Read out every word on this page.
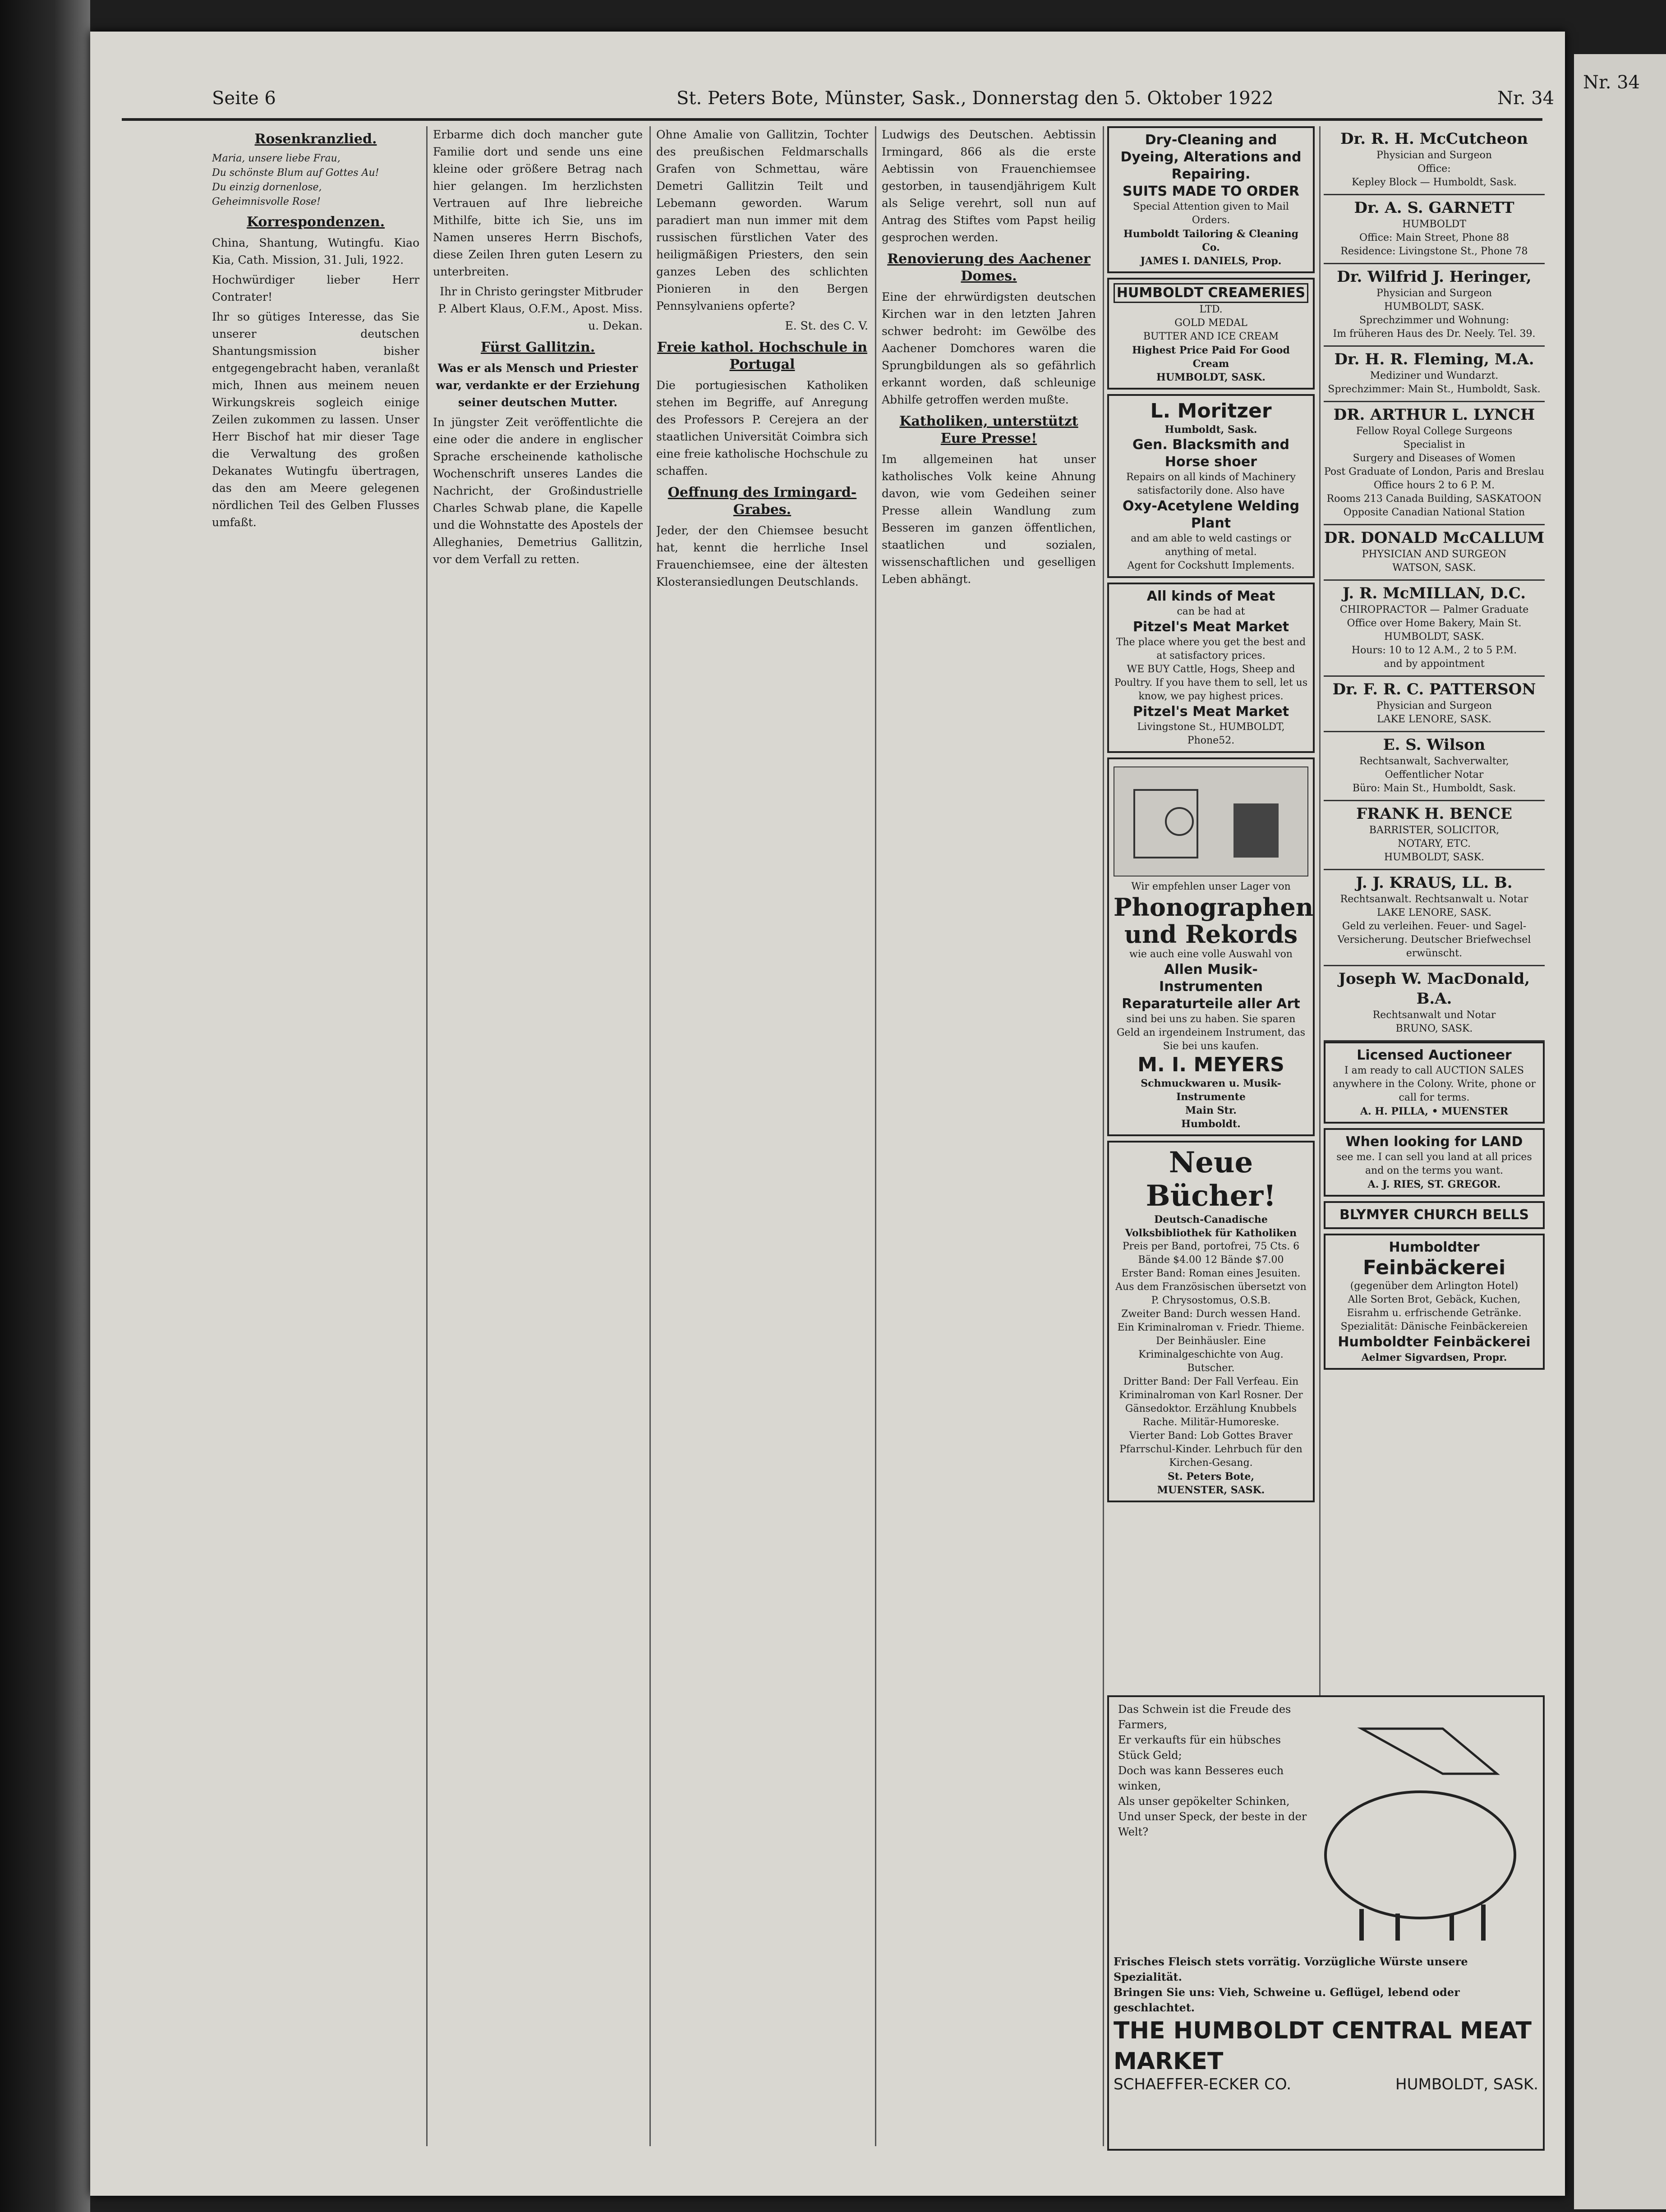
Nr. 34
Seite 6	St. Peters Bote, Münster, Sask., Donnerstag den 5. Oktober 1922	Nr. 34
Rosenkranzlied.
Maria, unsere liebe Frau,
Du schönste Blum auf Gottes Au!
Du einzig dornenlose,
Geheimnisvolle Rose!
Korrespondenzen.

China, Shantung, Wutingfu. Kiao Kia, Cath. Mission, 31. Juli, 1922.

Hochwürdiger lieber Herr Contrater!

Ihr so gütiges Interesse, das Sie unserer deutschen Shantungsmission bisher entgegengebracht haben, veranlaßt mich, Ihnen aus meinem neuen Wirkungskreis sogleich einige Zeilen zukommen zu lassen. Unser Herr Bischof hat mir dieser Tage die Verwaltung des großen Dekanates Wutingfu übertragen, das den am Meere gelegenen nördlichen Teil des Gelben Flusses umfaßt.

Erbarme dich doch mancher gute Familie dort und sende uns eine kleine oder größere Betrag nach hier gelangen. Im herzlichsten Vertrauen auf Ihre liebreiche Mithilfe, bitte ich Sie, uns im Namen unseres Herrn Bischofs, diese Zeilen Ihren guten Lesern zu unterbreiten.

Ihr in Christo geringster Mitbruder P. Albert Klaus, O.F.M., Apost. Miss. u. Dekan.

Fürst Gallitzin.

Was er als Mensch und Priester war, verdankte er der Erziehung seiner deutschen Mutter.

In jüngster Zeit veröffentlichte die eine oder die andere in englischer Sprache erscheinende katholische Wochenschrift unseres Landes die Nachricht, der Großindustrielle Charles Schwab plane, die Kapelle und die Wohnstatte des Apostels der Alleghanies, Demetrius Gallitzin, vor dem Verfall zu retten.

Ohne Amalie von Gallitzin, Tochter des preußischen Feldmarschalls Grafen von Schmettau, wäre Demetri Gallitzin Teilt und Lebemann geworden. Warum paradiert man nun immer mit dem russischen fürstlichen Vater des heiligmäßigen Priesters, den sein ganzes Leben des schlichten Pionieren in den Bergen Pennsylvaniens opferte?

E. St. des C. V.

Freie kathol. Hochschule in Portugal

Die portugiesischen Katholiken stehen im Begriffe, auf Anregung des Professors P. Cerejera an der staatlichen Universität Coimbra sich eine freie katholische Hochschule zu schaffen.

Oeffnung des Irmingard-Grabes.

Jeder, der den Chiemsee besucht hat, kennt die herrliche Insel Frauenchiemsee, eine der ältesten Klosteransiedlungen Deutschlands.

Ludwigs des Deutschen. Aebtissin Irmingard, 866 als die erste Aebtissin von Frauenchiemsee gestorben, in tausendjährigem Kult als Selige verehrt, soll nun auf Antrag des Stiftes vom Papst heilig gesprochen werden.

Renovierung des Aachener Domes.

Eine der ehrwürdigsten deutschen Kirchen war in den letzten Jahren schwer bedroht: im Gewölbe des Aachener Domchores waren die Sprungbildungen als so gefährlich erkannt worden, daß schleunige Abhilfe getroffen werden mußte.

Katholiken, unterstützt Eure Presse!

Im allgemeinen hat unser katholisches Volk keine Ahnung davon, wie vom Gedeihen seiner Presse allein Wandlung zum Besseren im ganzen öffentlichen, staatlichen und sozialen, wissenschaftlichen und geselligen Leben abhängt.

Dry-Cleaning and Dyeing, Alterations and Repairing.
SUITS MADE TO ORDER
Special Attention given to Mail Orders.
Humboldt Tailoring & Cleaning Co.
JAMES I. DANIELS, Prop.
HUMBOLDT CREAMERIES
LTD.
GOLD MEDAL
BUTTER AND ICE CREAM
Highest Price Paid For Good Cream
HUMBOLDT, SASK.
L. Moritzer
Humboldt, Sask.
Gen. Blacksmith and Horse shoer
Repairs on all kinds of Machinery satisfactorily done. Also have
Oxy-Acetylene Welding Plant
and am able to weld castings or anything of metal.
Agent for Cockshutt Implements.
All kinds of Meat
can be had at
Pitzel's Meat Market
The place where you get the best and at satisfactory prices.
WE BUY Cattle, Hogs, Sheep and Poultry. If you have them to sell, let us know, we pay highest prices.
Pitzel's Meat Market
Livingstone St., HUMBOLDT, Phone52.
Wir empfehlen unser Lager von
Phonographen und Rekords
wie auch eine volle Auswahl von
Allen Musik-Instrumenten
Reparaturteile aller Art
sind bei uns zu haben. Sie sparen Geld an irgendeinem Instrument, das Sie bei uns kaufen.
M. I. MEYERS
Schmuckwaren u. Musik-Instrumente
Main Str.
Humboldt.
Neue Bücher!
Deutsch-Canadische Volksbibliothek für Katholiken
Preis per Band, portofrei, 75 Cts. 6 Bände $4.00 12 Bände $7.00
Erster Band: Roman eines Jesuiten. Aus dem Französischen übersetzt von P. Chrysostomus, O.S.B.
Zweiter Band: Durch wessen Hand. Ein Kriminalroman v. Friedr. Thieme. Der Beinhäusler. Eine Kriminalgeschichte von Aug. Butscher.
Dritter Band: Der Fall Verfeau. Ein Kriminalroman von Karl Rosner. Der Gänsedoktor. Erzählung Knubbels Rache. Militär-Humoreske.
Vierter Band: Lob Gottes Braver Pfarrschul-Kinder. Lehrbuch für den Kirchen-Gesang.
St. Peters Bote,
MUENSTER, SASK.
Dr. R. H. McCutcheon
Physician and Surgeon
Office:
Kepley Block — Humboldt, Sask.
Dr. A. S. GARNETT
HUMBOLDT
Office: Main Street, Phone 88
Residence: Livingstone St., Phone 78
Dr. Wilfrid J. Heringer,
Physician and Surgeon
HUMBOLDT, SASK.
Sprechzimmer und Wohnung:
Im früheren Haus des Dr. Neely. Tel. 39.
Dr. H. R. Fleming, M.A.
Mediziner und Wundarzt.
Sprechzimmer: Main St., Humboldt, Sask.
DR. ARTHUR L. LYNCH
Fellow Royal College Surgeons
Specialist in
Surgery and Diseases of Women
Post Graduate of London, Paris and Breslau
Office hours 2 to 6 P. M.
Rooms 213 Canada Building, SASKATOON
Opposite Canadian National Station
DR. DONALD McCALLUM
PHYSICIAN AND SURGEON
WATSON, SASK.
J. R. McMILLAN, D.C.
CHIROPRACTOR — Palmer Graduate
Office over Home Bakery, Main St.
HUMBOLDT, SASK.
Hours: 10 to 12 A.M., 2 to 5 P.M.
and by appointment
Dr. F. R. C. PATTERSON
Physician and Surgeon
LAKE LENORE, SASK.
E. S. Wilson
Rechtsanwalt, Sachverwalter,
Oeffentlicher Notar
Büro: Main St., Humboldt, Sask.
FRANK H. BENCE
BARRISTER, SOLICITOR,
NOTARY, ETC.
HUMBOLDT, SASK.
J. J. KRAUS, LL. B.
Rechtsanwalt. Rechtsanwalt u. Notar
LAKE LENORE, SASK.
Geld zu verleihen. Feuer- und Sagel-Versicherung. Deutscher Briefwechsel erwünscht.
Joseph W. MacDonald, B.A.
Rechtsanwalt und Notar
BRUNO, SASK.
Licensed Auctioneer
I am ready to call AUCTION SALES anywhere in the Colony. Write, phone or call for terms.
A. H. PILLA, • MUENSTER
When looking for LAND
see me. I can sell you land at all prices and on the terms you want.
A. J. RIES, ST. GREGOR.
BLYMYER CHURCH BELLS
Humboldter
Feinbäckerei
(gegenüber dem Arlington Hotel)
Alle Sorten Brot, Gebäck, Kuchen, Eisrahm u. erfrischende Getränke. Spezialität: Dänische Feinbäckereien
Humboldter Feinbäckerei
Aelmer Sigvardsen, Propr.
Das Schwein ist die Freude des Farmers,
Er verkaufts für ein hübsches Stück Geld;
Doch was kann Besseres euch winken,
Als unser gepökelter Schinken,
Und unser Speck, der beste in der Welt?
Frisches Fleisch stets vorrätig. Vorzügliche Würste unsere Spezialität.
Bringen Sie uns: Vieh, Schweine u. Geflügel, lebend oder geschlachtet.
THE HUMBOLDT CENTRAL MEAT MARKET
SCHAEFFER-ECKER CO.	HUMBOLDT, SASK.
